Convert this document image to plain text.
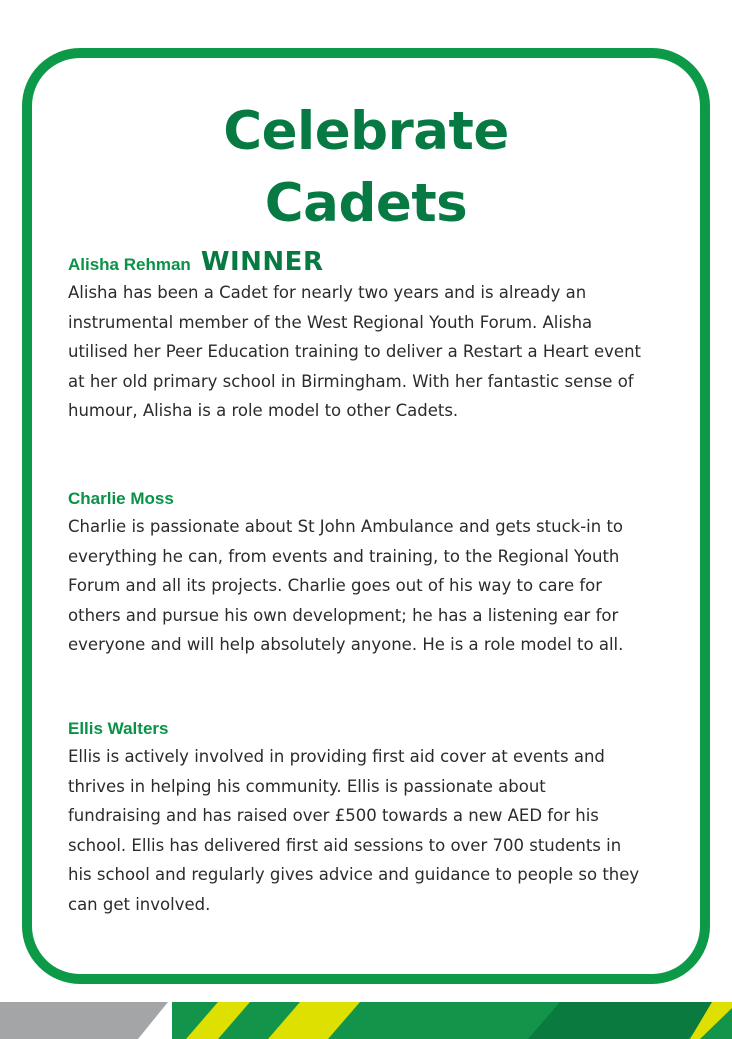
Celebrate
Cadets
Alisha Rehman WINNER

Alisha has been a Cadet for nearly two years and is already an
instrumental member of the West Regional Youth Forum. Alisha
utilised her Peer Education training to deliver a Restart a Heart event
at her old primary school in Birmingham. With her fantastic sense of
humour, Alisha is a role model to other Cadets.

Charlie Moss

Charlie is passionate about St John Ambulance and gets stuck-in to
everything he can, from events and training, to the Regional Youth
Forum and all its projects. Charlie goes out of his way to care for
others and pursue his own development; he has a listening ear for
everyone and will help absolutely anyone. He is a role model to all.

Ellis Walters

Ellis is actively involved in providing first aid cover at events and
thrives in helping his community. Ellis is passionate about
fundraising and has raised over £500 towards a new AED for his
school. Ellis has delivered first aid sessions to over 700 students in
his school and regularly gives advice and guidance to people so they
can get involved.
